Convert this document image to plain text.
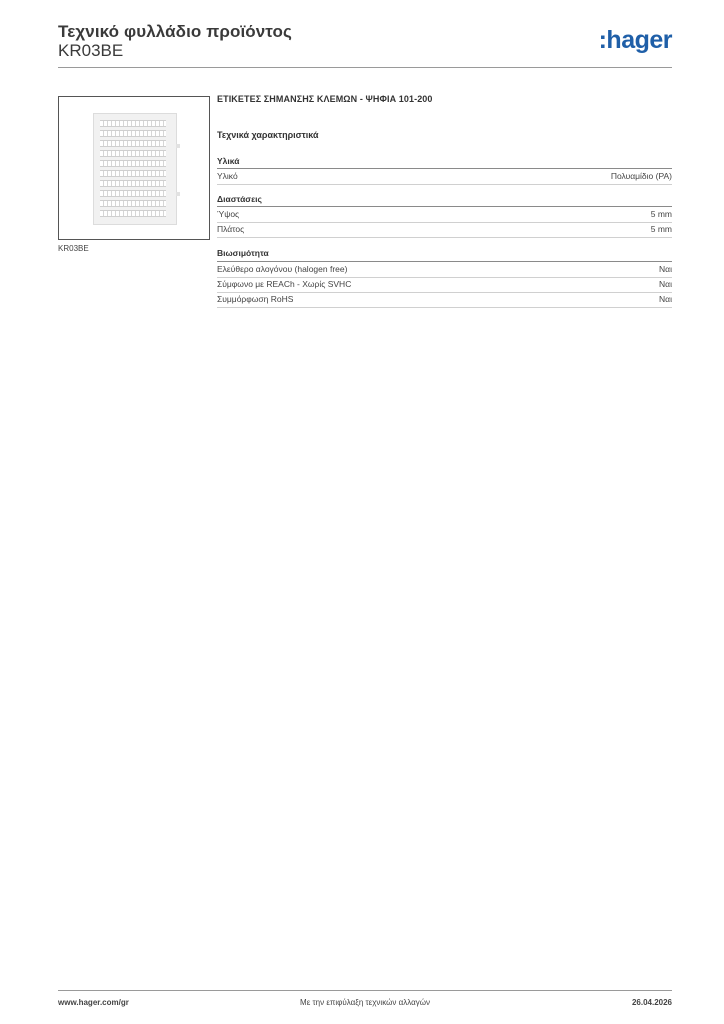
Τεχνικό φυλλάδιο προϊόντος
KR03BE	:hager
KR03BE
ΕΤΙΚΕΤΕΣ ΣΗΜΑΝΣΗΣ ΚΛΕΜΩΝ - ΨΗΦΙΑ 101-200
Τεχνικά χαρακτηριστικά
Υλικά
Υλικό	Πολυαμίδιο (PA)
Διαστάσεις
Ύψος	5 mm
Πλάτος	5 mm
Βιωσιμότητα
Ελεύθερο αλογόνου (halogen free)	Ναι
Σύμφωνο με REACh - Χωρίς SVHC	Ναι
Συμμόρφωση RoHS	Ναι
www.hager.com/gr	Με την επιφύλαξη τεχνικών αλλαγών	26.04.2026
